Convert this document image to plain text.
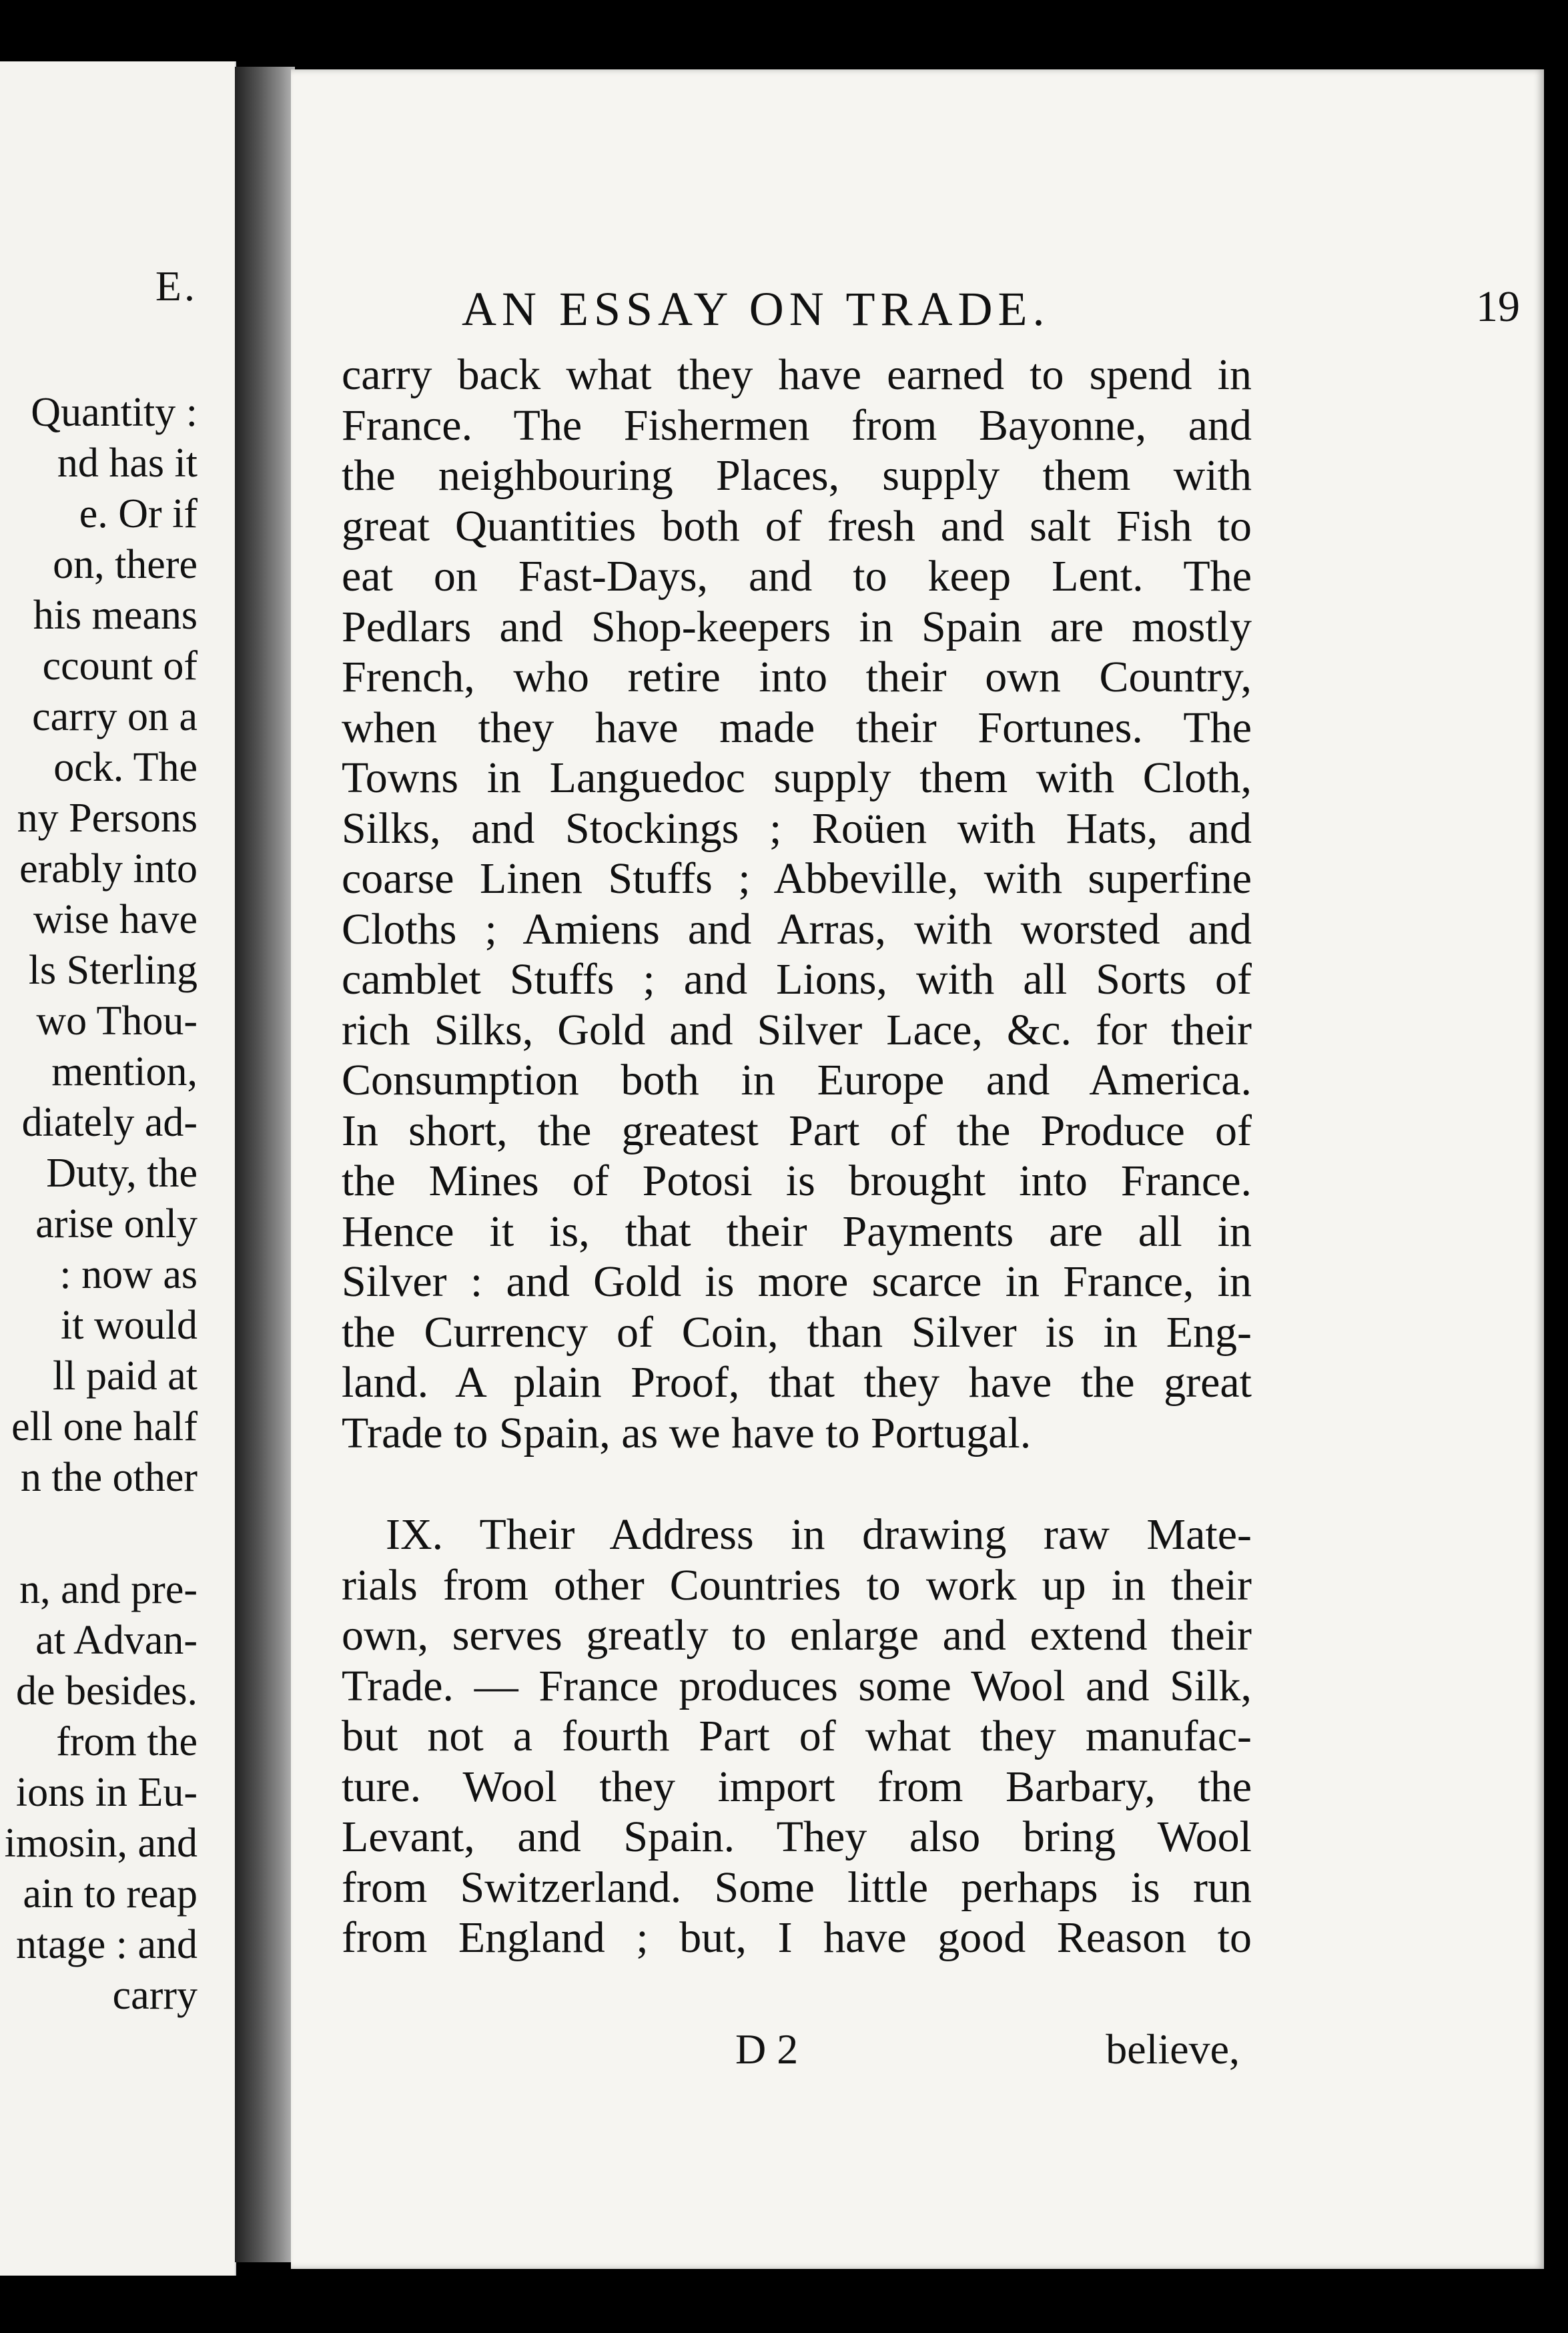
E.
Quantity :
nd has it
e. Or if
on, there
his means
ccount of
carry on a
ock. The
ny Persons
erably into
wise have
ls Sterling
wo Thou-
mention,
diately ad-
Duty, the
arise only
: now as
it would
ll paid at
ell one half
n the other
n, and pre-
at Advan-
de besides.
from the
ions in Eu-
imosin, and
ain to reap
ntage : and
carry
AN ESSAY ON TRADE.	19

carry back what they have earned to spend in

France. The Fishermen from Bayonne, and

the neighbouring Places, supply them with

great Quantities both of fresh and salt Fish to

eat on Fast-Days, and to keep Lent. The

Pedlars and Shop-keepers in Spain are mostly

French, who retire into their own Country,

when they have made their Fortunes. The

Towns in Languedoc supply them with Cloth,

Silks, and Stockings ; Roüen with Hats, and

coarse Linen Stuffs ; Abbeville, with superfine

Cloths ; Amiens and Arras, with worsted and

camblet Stuffs ; and Lions, with all Sorts of

rich Silks, Gold and Silver Lace, &c. for their

Consumption both in Europe and America.

In short, the greatest Part of the Produce of

the Mines of Potosi is brought into France.

Hence it is, that their Payments are all in

Silver : and Gold is more scarce in France, in

the Currency of Coin, than Silver is in Eng-

land. A plain Proof, that they have the great

Trade to Spain, as we have to Portugal.

IX. Their Address in drawing raw Mate-

rials from other Countries to work up in their

own, serves greatly to enlarge and extend their

Trade. — France produces some Wool and Silk,

but not a fourth Part of what they manufac-

ture. Wool they import from Barbary, the

Levant, and Spain. They also bring Wool

from Switzerland. Some little perhaps is run

from England ; but, I have good Reason to

D 2	believe,
